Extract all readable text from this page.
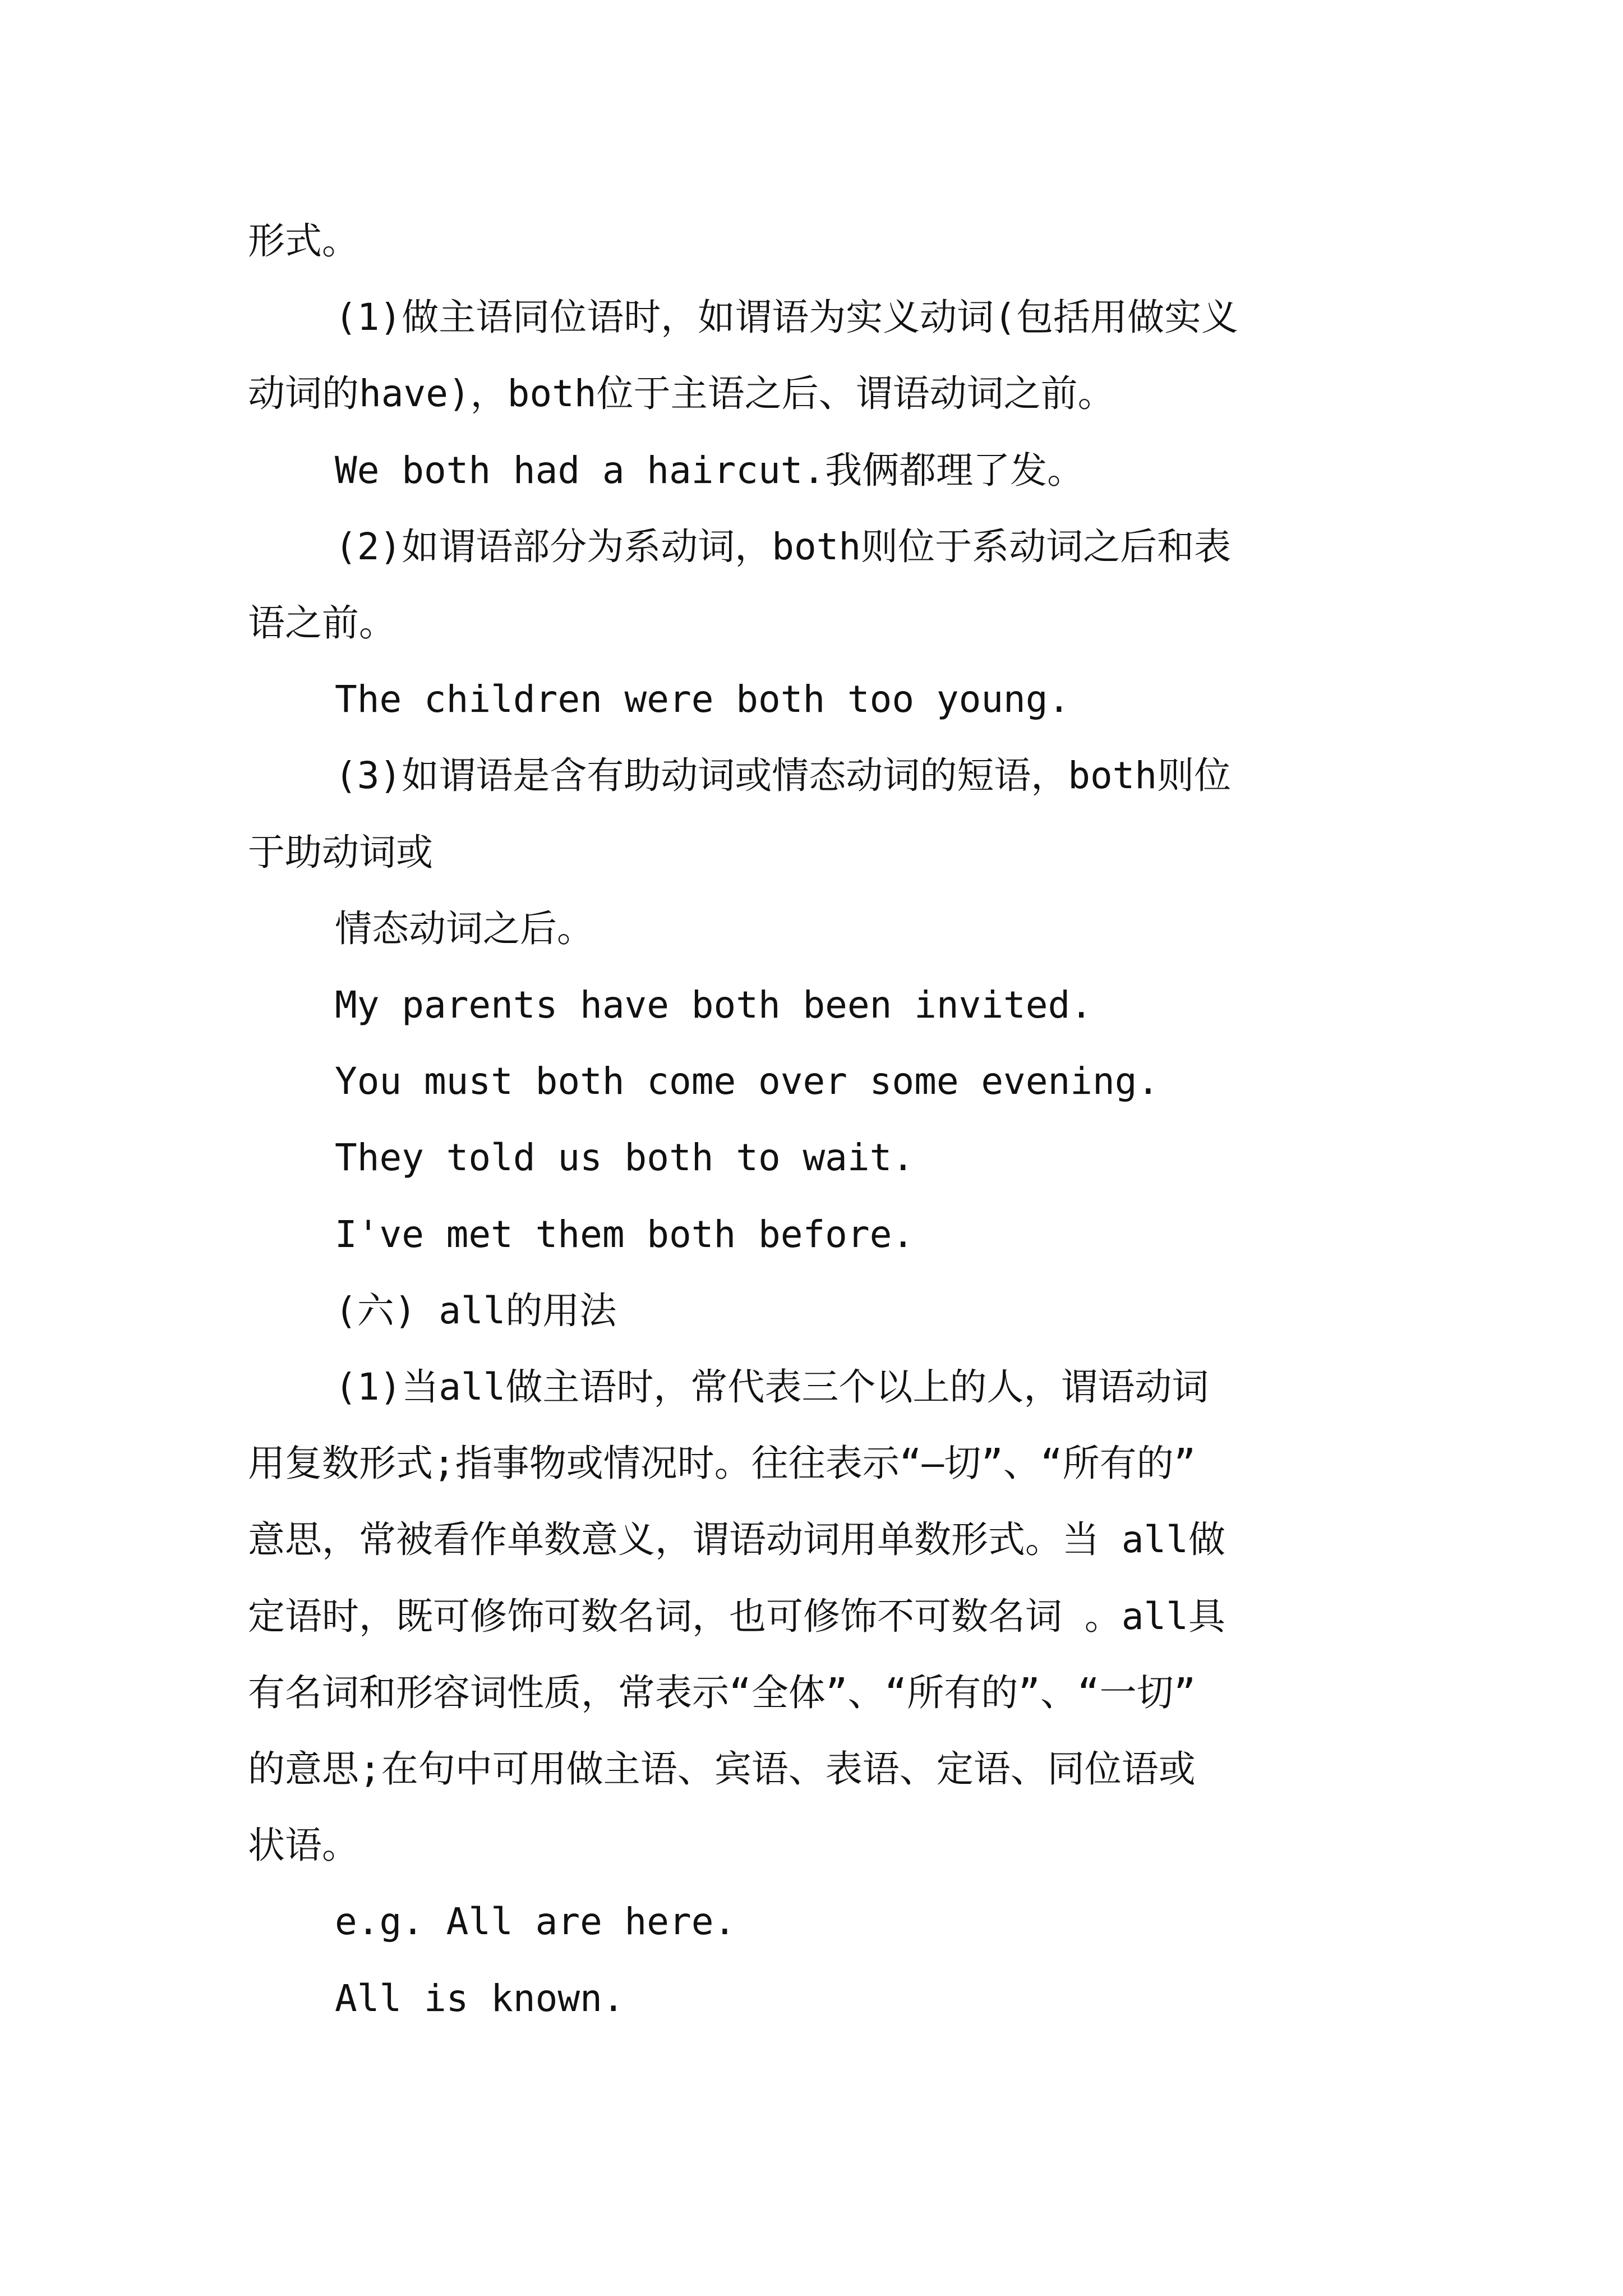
形式。
(1)做主语同位语时，如谓语为实义动词(包括用做实义
动词的have)，both位于主语之后、谓语动词之前。
We both had a haircut.我俩都理了发。
(2)如谓语部分为系动词，both则位于系动词之后和表
语之前。
The children were both too young.
(3)如谓语是含有助动词或情态动词的短语，both则位
于助动词或
情态动词之后。
My parents have both been invited.
You must both come over some evening.
They told us both to wait.
I've met them both before.
(六) all的用法
(1)当all做主语时，常代表三个以上的人，谓语动词
用复数形式;指事物或情况时。往往表示“—切”、“所有的”
意思，常被看作单数意义，谓语动词用单数形式。当 all做
定语时，既可修饰可数名词，也可修饰不可数名词 。all具
有名词和形容词性质，常表示“全体”、“所有的”、“一切”
的意思;在句中可用做主语、宾语、表语、定语、同位语或
状语。
e.g. All are here.
All is known.
